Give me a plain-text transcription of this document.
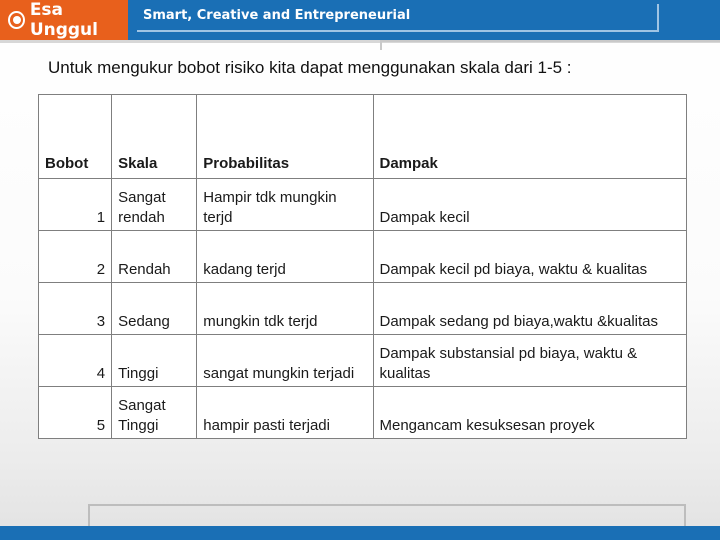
Esa Unggul
Smart, Creative and Entrepreneurial
Untuk mengukur bobot risiko kita dapat menggunakan skala dari 1-5 :
Bobot	Skala	Probabilitas	Dampak
1	Sangat rendah	Hampir tdk mungkin terjd	Dampak kecil
2	Rendah	kadang terjd	Dampak kecil pd biaya, waktu & kualitas
3	Sedang	mungkin tdk terjd	Dampak sedang pd biaya,waktu &kualitas
4	Tinggi	sangat mungkin terjadi	Dampak substansial pd biaya, waktu & kualitas
5	Sangat Tinggi	hampir pasti terjadi	Mengancam kesuksesan proyek
